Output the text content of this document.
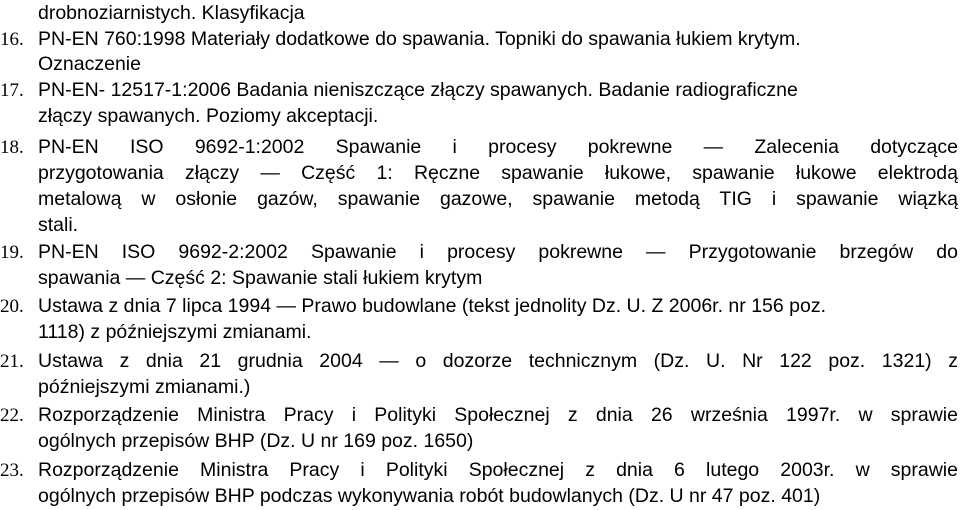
drobnoziarnistych. Klasyfikacja
16. PN-EN 760:1998 Materiały dodatkowe do spawania. Topniki do spawania łukiem krytym.
Oznaczenie
17. PN-EN- 12517-1:2006 Badania nieniszczące złączy spawanych. Badanie radiograficzne
złączy spawanych. Poziomy akceptacji.
18. PN-EN ISO 9692-1:2002 Spawanie i procesy pokrewne — Zalecenia dotyczące
przygotowania złączy — Część 1: Ręczne spawanie łukowe, spawanie łukowe elektrodą
metalową w osłonie gazów, spawanie gazowe, spawanie metodą TIG i spawanie wiązką
stali.
19. PN-EN ISO 9692-2:2002 Spawanie i procesy pokrewne — Przygotowanie brzegów do
spawania — Część 2: Spawanie stali łukiem krytym
20. Ustawa z dnia 7 lipca 1994 — Prawo budowlane (tekst jednolity Dz. U. Z 2006r. nr 156 poz.
1118) z późniejszymi zmianami.
21. Ustawa z dnia 21 grudnia 2004 — o dozorze technicznym (Dz. U. Nr 122 poz. 1321) z
późniejszymi zmianami.)
22. Rozporządzenie Ministra Pracy i Polityki Społecznej z dnia 26 września 1997r. w sprawie
ogólnych przepisów BHP (Dz. U nr 169 poz. 1650)
23. Rozporządzenie Ministra Pracy i Polityki Społecznej z dnia 6 lutego 2003r. w sprawie
ogólnych przepisów BHP podczas wykonywania robót budowlanych (Dz. U nr 47 poz. 401)
